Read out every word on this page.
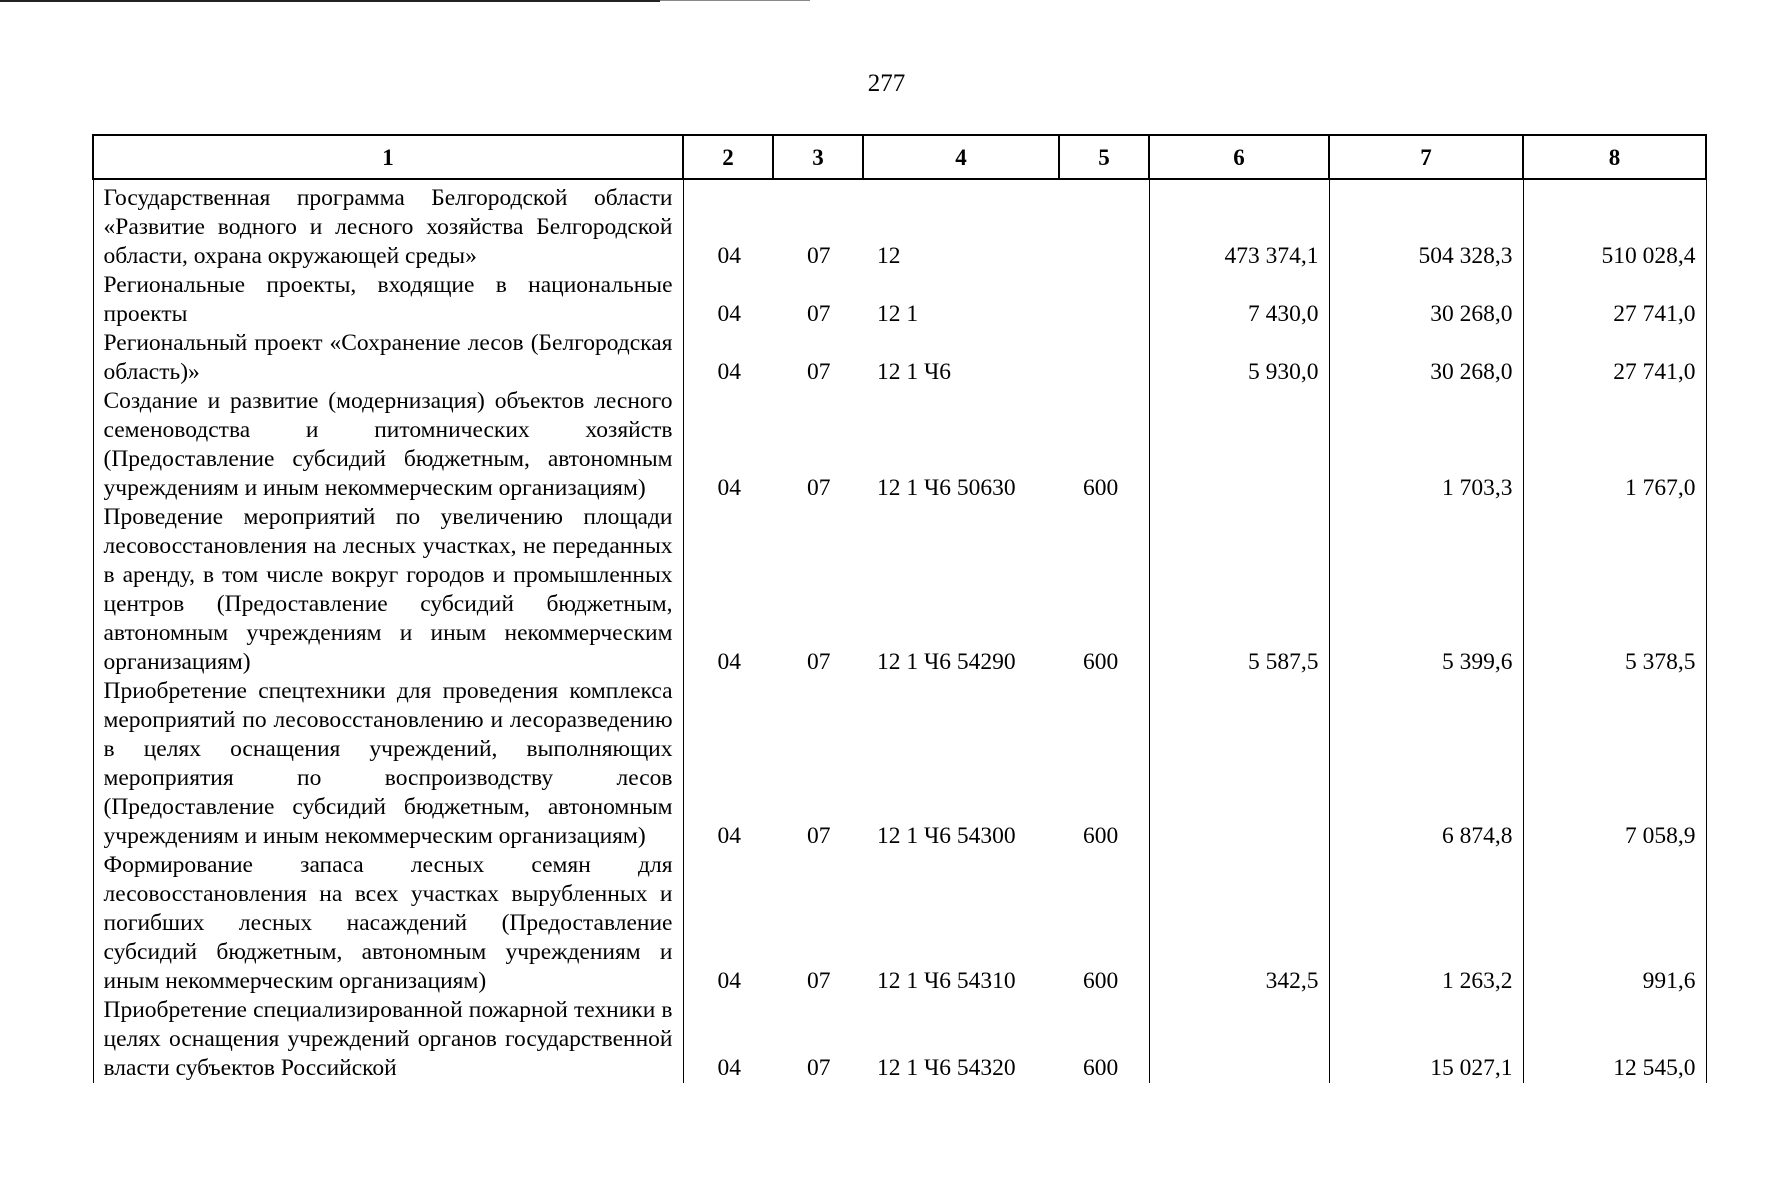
277
1	2	3	4	5	6	7	8
Государственная программа Белгородской области «Развитие водного и лесного хозяйства Белгородской области, охрана окружающей среды»	04	07	12		473 374,1	504 328,3	510 028,4
Региональные проекты, входящие в национальные проекты	04	07	12 1		7 430,0	30 268,0	27 741,0
Региональный проект «Сохранение лесов (Белгородская область)»	04	07	12 1 Ч6		5 930,0	30 268,0	27 741,0
Создание и развитие (модернизация) объектов лесного семеноводства и питомнических хозяйств (Предоставление субсидий бюджетным, автономным учреждениям и иным некоммерческим организациям)	04	07	12 1 Ч6 50630	600		1 703,3	1 767,0
Проведение мероприятий по увеличению площади лесовосстановления на лесных участках, не переданных в аренду, в том числе вокруг городов и промышленных центров (Предоставление субсидий бюджетным, автономным учреждениям и иным некоммерческим организациям)	04	07	12 1 Ч6 54290	600	5 587,5	5 399,6	5 378,5
Приобретение спецтехники для проведения комплекса мероприятий по лесовосстановлению и лесоразведению в целях оснащения учреждений, выполняющих мероприятия по воспроизводству лесов (Предоставление субсидий бюджетным, автономным учреждениям и иным некоммерческим организациям)	04	07	12 1 Ч6 54300	600		6 874,8	7 058,9
Формирование запаса лесных семян для лесовосстановления на всех участках вырубленных и погибших лесных насаждений (Предоставление субсидий бюджетным, автономным учреждениям и иным некоммерческим организациям)	04	07	12 1 Ч6 54310	600	342,5	1 263,2	991,6
Приобретение специализированной пожарной техники в целях оснащения учреждений органов государственной власти субъектов Российской	04	07	12 1 Ч6 54320	600		15 027,1	12 545,0
